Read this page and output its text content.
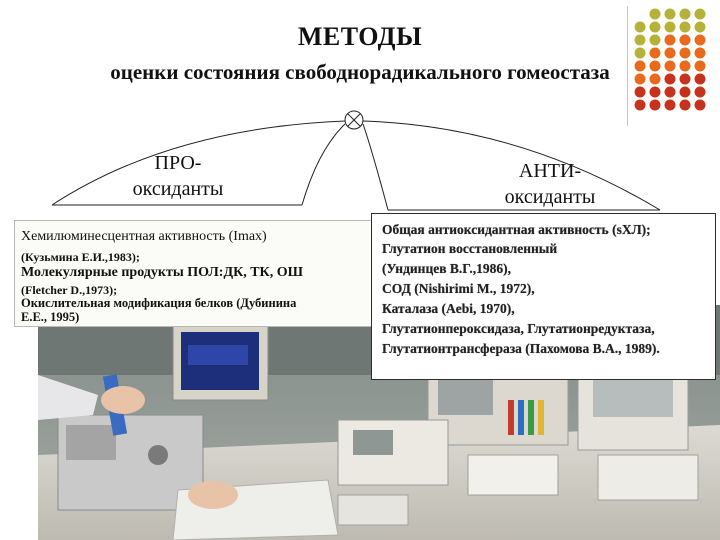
МЕТОДЫ
оценки состояния свободнорадикального гомеостаза
ПРО-
оксиданты
АНТИ-
оксиданты
Хемилюминесцентная активность (Imax)
(Кузьмина Е.И.,1983);
Молекулярные продукты ПОЛ:ДК, ТК, ОШ
(Fletcher D.,1973);
Окислительная модификация белков (Дубинина
Е.Е., 1995)
Общая антиоксидантная активность (sХЛ);
Глутатион восстановленный
(Ундинцев В.Г.,1986),
СОД (Nishirimi M., 1972),
Каталаза (Aebi, 1970),
Глутатионпероксидаза, Глутатионредуктаза,
Глутатионтрансфераза (Пахомова В.А., 1989).
